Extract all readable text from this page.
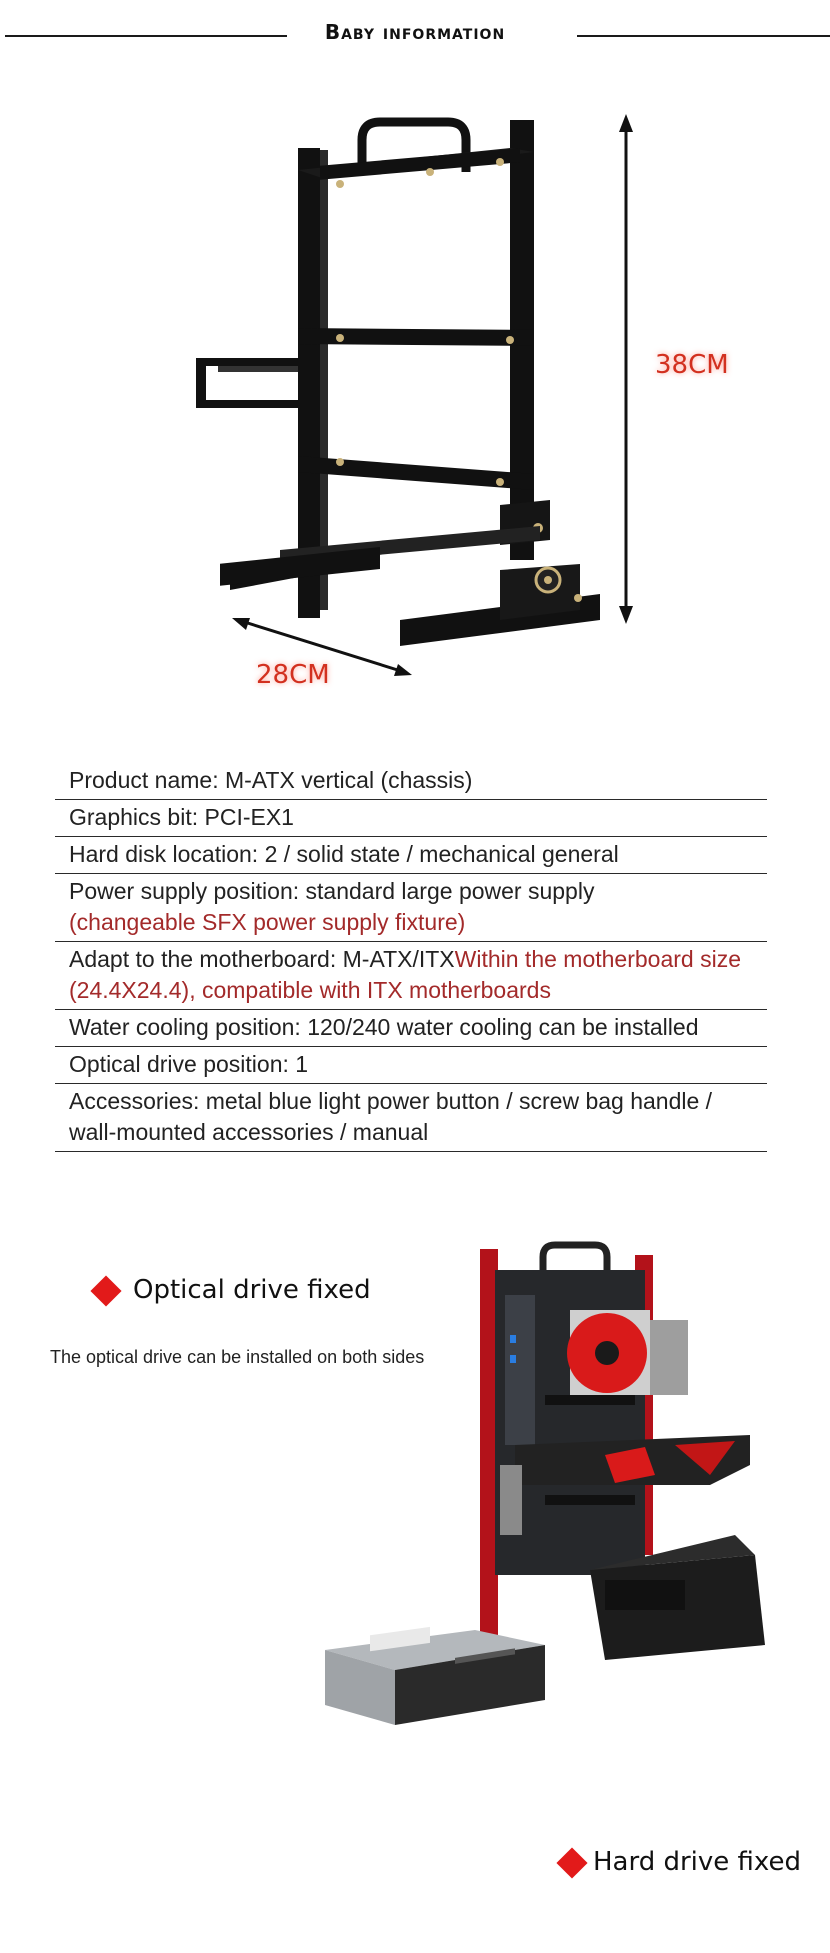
Baby information
38CM
28CM
Product name: M-ATX vertical (chassis)
Graphics bit: PCI-EX1
Hard disk location: 2 / solid state / mechanical general
Power supply position: standard large power supply
(changeable SFX power supply fixture)
Adapt to the motherboard: M-ATX/ITXWithin the motherboard size (24.4X24.4), compatible with ITX motherboards
Water cooling position: 120/240 water cooling can be installed
Optical drive position: 1
Accessories: metal blue light power button / screw bag handle / wall-mounted accessories / manual
Optical drive fixed
The optical drive can be installed on both sides
Hard drive fixed
